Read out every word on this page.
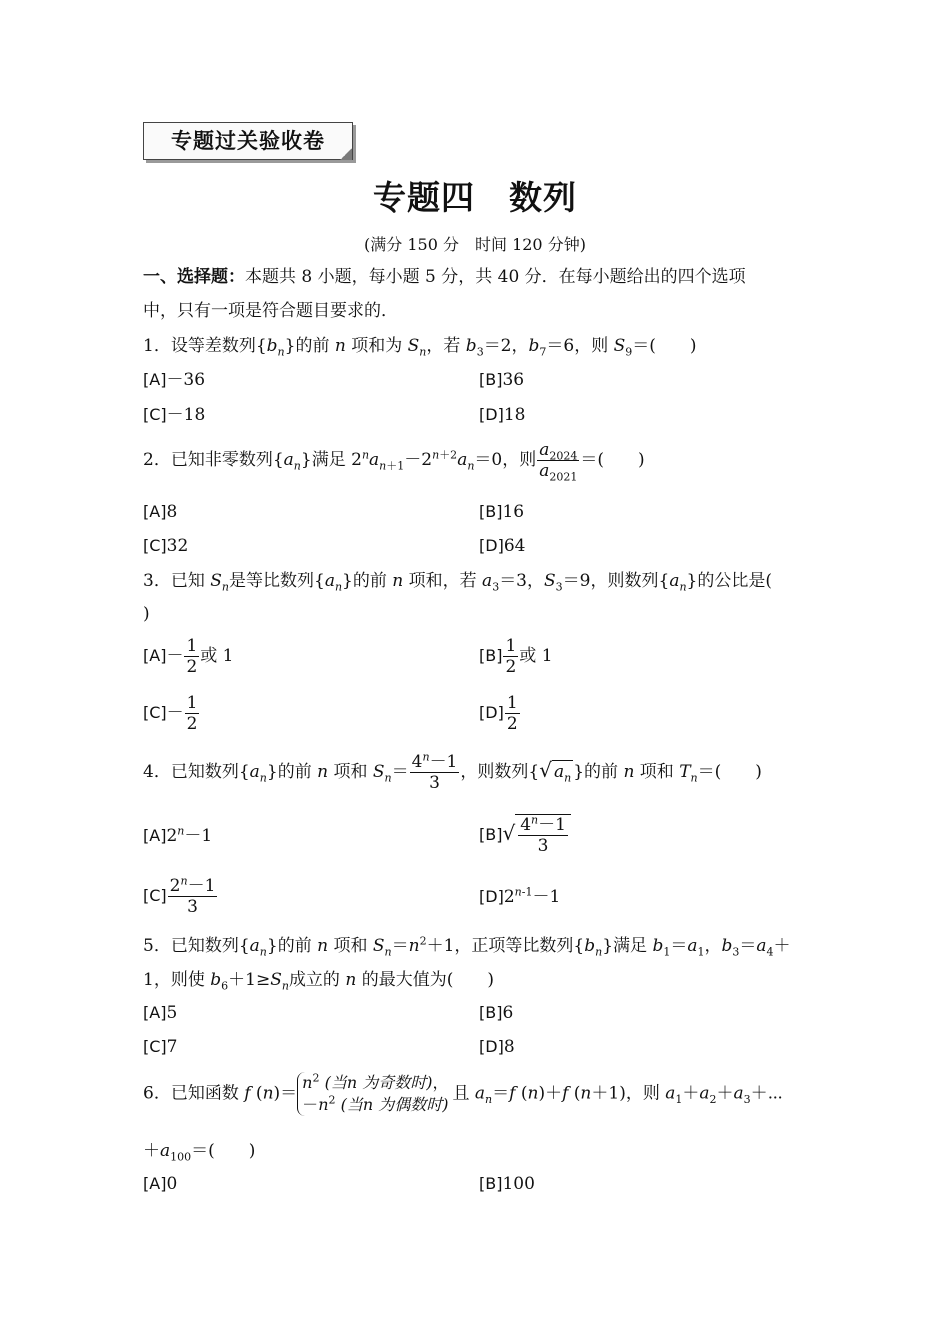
专题过关验收卷
专题四　数列
(满分 150 分　时间 120 分钟)
一、选择题：本题共 8 小题，每小题 5 分，共 40 分．在每小题给出的四个选项
中，只有一项是符合题目要求的．
1．设等差数列$\{b_n\}$的前 n 项和为 $S_n$，若 $b_3=2$，$b_7=6$，则 $S_9=$(　　)
[A]－36	[B]36
[C]－18	[D]18
2．已知非零数列$\{a_n\}$满足 $2^na_{n+1}-2^{n+2}a_n=0$，则 $\frac{a_{2024}}{a_{2021}}$ ＝(　　)
[A]8	[B]16
[C]32	[D]64
3．已知 $S_n$是等比数列$\{a_n\}$的前 n 项和，若 $a_3=3$，$S_3=9$，则数列$\{a_n\}$的公比是(
)
$[A]- \frac{1}{2}$ 或 1	$[B] \frac{1}{2}$ 或 1
$[C]- \frac{1}{2}$	$[D] \frac{1}{2}$
4．已知数列$\{a_n\}$的前 n 项和 $S_n= \frac{4^n-1}{3}$ ，则数列{√ $a_n$ }的前 n 项和 $T_n=$(　　)
$[A]2^n-1$	$[B]√ \frac{4^n-1}{3}$
$[C] \frac{2^n-1}{3}$	$[D]2^{n-1}-1$
5．已知数列$\{a_n\}$的前 n 项和 $S_n=n^2+1$，正项等比数列$\{b_n\}$满足 $b_1=a_1$，$b_3=a_4+$
1，则使 $b_6+1\ge S_n$成立的 n 的最大值为(　　)
[A]5	[B]6
[C]7	[D]8
6．已知函数 f (n)＝
$n^2$ (当n 为奇数时)，
$-n^2$ (当n 为偶数时)
且 $a_n=f$ (n)＋f (n＋1)，则 $a_1+a_2+a_3+\cdots$
$+a_{100}=$(　　)
[A]0	[B]100
